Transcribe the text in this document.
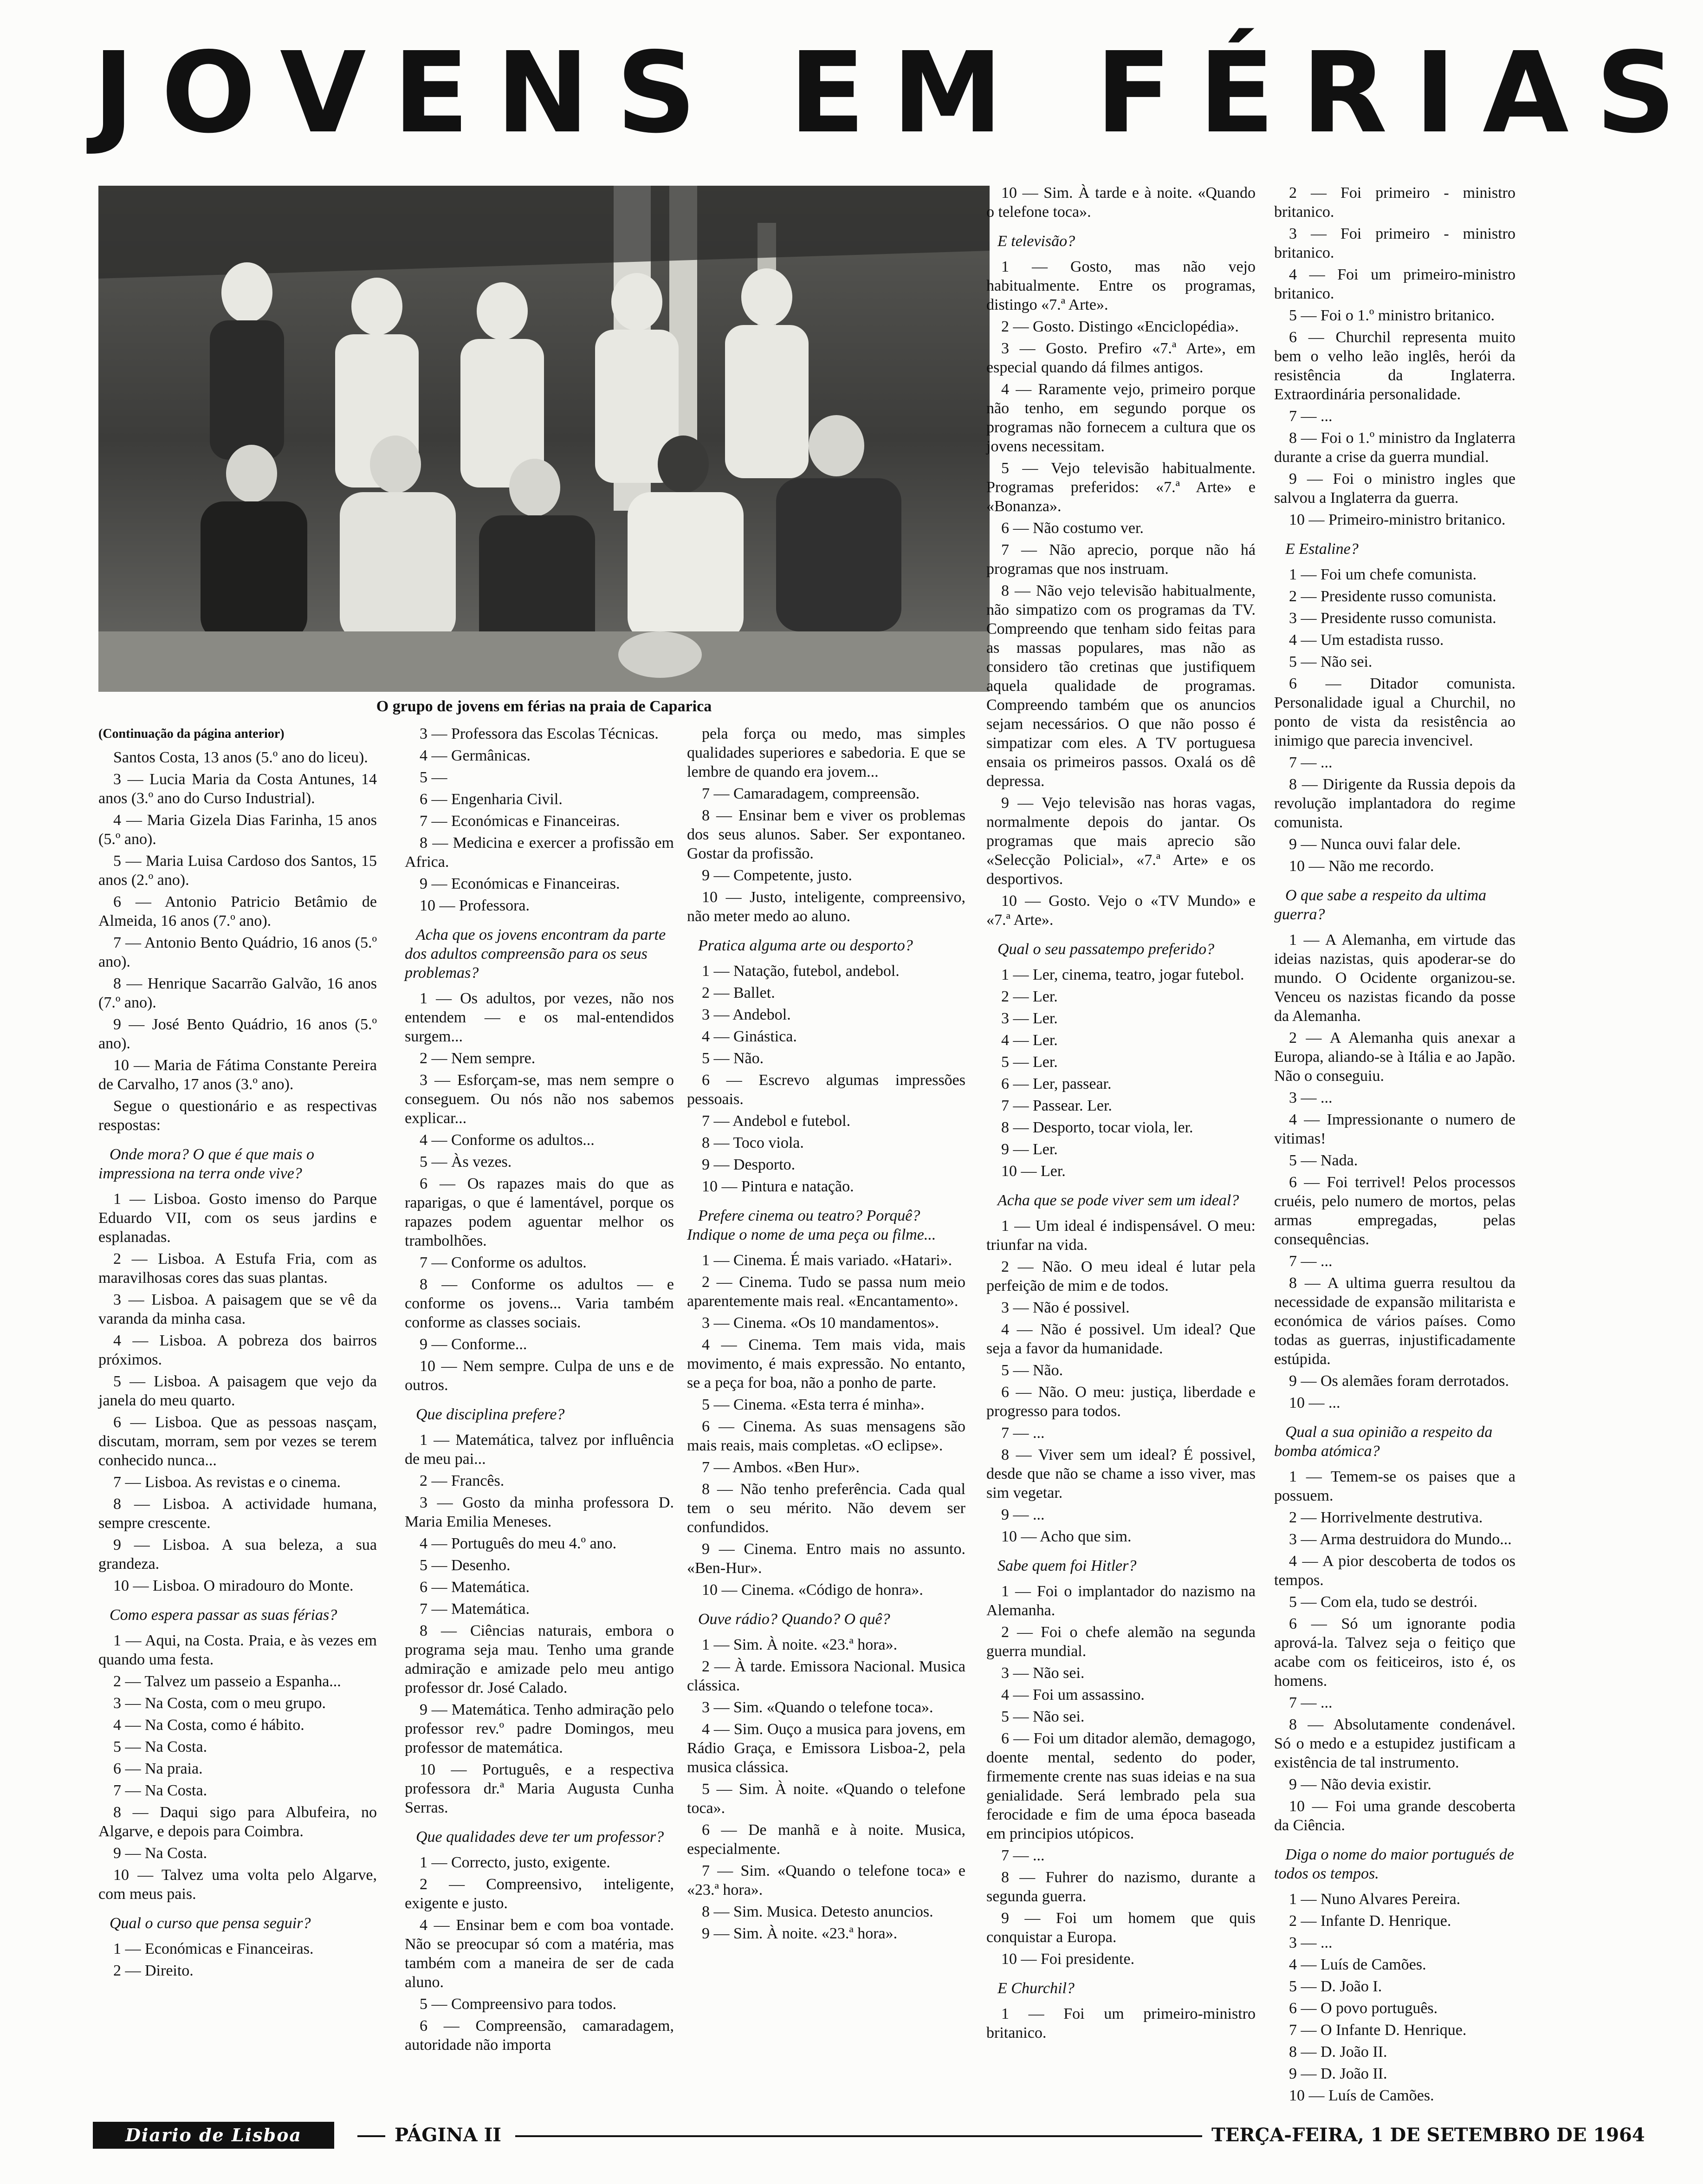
JOVENS EM FÉRIAS
O grupo de jovens em férias na praia de Caparica

(Continuação da página anterior)

Santos Costa, 13 anos (5.º ano do liceu).

3 — Lucia Maria da Costa Antunes, 14 anos (3.º ano do Curso Industrial).

4 — Maria Gizela Dias Farinha, 15 anos (5.º ano).

5 — Maria Luisa Cardoso dos Santos, 15 anos (2.º ano).

6 — Antonio Patricio Betâmio de Almeida, 16 anos (7.º ano).

7 — Antonio Bento Quádrio, 16 anos (5.º ano).

8 — Henrique Sacarrão Galvão, 16 anos (7.º ano).

9 — José Bento Quádrio, 16 anos (5.º ano).

10 — Maria de Fátima Constante Pereira de Carvalho, 17 anos (3.º ano).

Segue o questionário e as respectivas respostas:

Onde mora? O que é que mais o impressiona na terra onde vive?

1 — Lisboa. Gosto imenso do Parque Eduardo VII, com os seus jardins e esplanadas.

2 — Lisboa. A Estufa Fria, com as maravilhosas cores das suas plantas.

3 — Lisboa. A paisagem que se vê da varanda da minha casa.

4 — Lisboa. A pobreza dos bairros próximos.

5 — Lisboa. A paisagem que vejo da janela do meu quarto.

6 — Lisboa. Que as pessoas nasçam, discutam, morram, sem por vezes se terem conhecido nunca...

7 — Lisboa. As revistas e o cinema.

8 — Lisboa. A actividade humana, sempre crescente.

9 — Lisboa. A sua beleza, a sua grandeza.

10 — Lisboa. O miradouro do Monte.

Como espera passar as suas férias?

1 — Aqui, na Costa. Praia, e às vezes em quando uma festa.

2 — Talvez um passeio a Espanha...

3 — Na Costa, com o meu grupo.

4 — Na Costa, como é hábito.

5 — Na Costa.

6 — Na praia.

7 — Na Costa.

8 — Daqui sigo para Albufeira, no Algarve, e depois para Coimbra.

9 — Na Costa.

10 — Talvez uma volta pelo Algarve, com meus pais.

Qual o curso que pensa seguir?

1 — Económicas e Financeiras.

2 — Direito.

3 — Professora das Escolas Técnicas.

4 — Germânicas.

5 —

6 — Engenharia Civil.

7 — Económicas e Financeiras.

8 — Medicina e exercer a profissão em Africa.

9 — Económicas e Financeiras.

10 — Professora.

Acha que os jovens encontram da parte dos adultos compreensão para os seus problemas?

1 — Os adultos, por vezes, não nos entendem — e os mal-entendidos surgem...

2 — Nem sempre.

3 — Esforçam-se, mas nem sempre o conseguem. Ou nós não nos sabemos explicar...

4 — Conforme os adultos...

5 — Às vezes.

6 — Os rapazes mais do que as raparigas, o que é lamentável, porque os rapazes podem aguentar melhor os trambolhões.

7 — Conforme os adultos.

8 — Conforme os adultos — e conforme os jovens... Varia também conforme as classes sociais.

9 — Conforme...

10 — Nem sempre. Culpa de uns e de outros.

Que disciplina prefere?

1 — Matemática, talvez por influência de meu pai...

2 — Francês.

3 — Gosto da minha professora D. Maria Emilia Meneses.

4 — Português do meu 4.º ano.

5 — Desenho.

6 — Matemática.

7 — Matemática.

8 — Ciências naturais, embora o programa seja mau. Tenho uma grande admiração e amizade pelo meu antigo professor dr. José Calado.

9 — Matemática. Tenho admiração pelo professor rev.º padre Domingos, meu professor de matemática.

10 — Português, e a respectiva professora dr.ª Maria Augusta Cunha Serras.

Que qualidades deve ter um professor?

1 — Correcto, justo, exigente.

2 — Compreensivo, inteligente, exigente e justo.

4 — Ensinar bem e com boa vontade. Não se preocupar só com a matéria, mas também com a maneira de ser de cada aluno.

5 — Compreensivo para todos.

6 — Compreensão, camaradagem, autoridade não importa

pela força ou medo, mas simples qualidades superiores e sabedoria. E que se lembre de quando era jovem...

7 — Camaradagem, compreensão.

8 — Ensinar bem e viver os problemas dos seus alunos. Saber. Ser expontaneo. Gostar da profissão.

9 — Competente, justo.

10 — Justo, inteligente, compreensivo, não meter medo ao aluno.

Pratica alguma arte ou desporto?

1 — Natação, futebol, andebol.

2 — Ballet.

3 — Andebol.

4 — Ginástica.

5 — Não.

6 — Escrevo algumas impressões pessoais.

7 — Andebol e futebol.

8 — Toco viola.

9 — Desporto.

10 — Pintura e natação.

Prefere cinema ou teatro? Porquê? Indique o nome de uma peça ou filme...

1 — Cinema. É mais variado. «Hatari».

2 — Cinema. Tudo se passa num meio aparentemente mais real. «Encantamento».

3 — Cinema. «Os 10 mandamentos».

4 — Cinema. Tem mais vida, mais movimento, é mais expressão. No entanto, se a peça for boa, não a ponho de parte.

5 — Cinema. «Esta terra é minha».

6 — Cinema. As suas mensagens são mais reais, mais completas. «O eclipse».

7 — Ambos. «Ben Hur».

8 — Não tenho preferência. Cada qual tem o seu mérito. Não devem ser confundidos.

9 — Cinema. Entro mais no assunto. «Ben-Hur».

10 — Cinema. «Código de honra».

Ouve rádio? Quando? O quê?

1 — Sim. À noite. «23.ª hora».

2 — À tarde. Emissora Nacional. Musica clássica.

3 — Sim. «Quando o telefone toca».

4 — Sim. Ouço a musica para jovens, em Rádio Graça, e Emissora Lisboa-2, pela musica clássica.

5 — Sim. À noite. «Quando o telefone toca».

6 — De manhã e à noite. Musica, especialmente.

7 — Sim. «Quando o telefone toca» e «23.ª hora».

8 — Sim. Musica. Detesto anuncios.

9 — Sim. À noite. «23.ª hora».

10 — Sim. À tarde e à noite. «Quando o telefone toca».

E televisão?

1 — Gosto, mas não vejo habitualmente. Entre os programas, distingo «7.ª Arte».

2 — Gosto. Distingo «Enciclopédia».

3 — Gosto. Prefiro «7.ª Arte», em especial quando dá filmes antigos.

4 — Raramente vejo, primeiro porque não tenho, em segundo porque os programas não fornecem a cultura que os jovens necessitam.

5 — Vejo televisão habitualmente. Programas preferidos: «7.ª Arte» e «Bonanza».

6 — Não costumo ver.

7 — Não aprecio, porque não há programas que nos instruam.

8 — Não vejo televisão habitualmente, não simpatizo com os programas da TV. Compreendo que tenham sido feitas para as massas populares, mas não as considero tão cretinas que justifiquem aquela qualidade de programas. Compreendo também que os anuncios sejam necessários. O que não posso é simpatizar com eles. A TV portuguesa ensaia os primeiros passos. Oxalá os dê depressa.

9 — Vejo televisão nas horas vagas, normalmente depois do jantar. Os programas que mais aprecio são «Selecção Policial», «7.ª Arte» e os desportivos.

10 — Gosto. Vejo o «TV Mundo» e «7.ª Arte».

Qual o seu passatempo preferido?

1 — Ler, cinema, teatro, jogar futebol.

2 — Ler.

3 — Ler.

4 — Ler.

5 — Ler.

6 — Ler, passear.

7 — Passear. Ler.

8 — Desporto, tocar viola, ler.

9 — Ler.

10 — Ler.

Acha que se pode viver sem um ideal?

1 — Um ideal é indispensável. O meu: triunfar na vida.

2 — Não. O meu ideal é lutar pela perfeição de mim e de todos.

3 — Não é possivel.

4 — Não é possivel. Um ideal? Que seja a favor da humanidade.

5 — Não.

6 — Não. O meu: justiça, liberdade e progresso para todos.

7 — ...

8 — Viver sem um ideal? É possivel, desde que não se chame a isso viver, mas sim vegetar.

9 — ...

10 — Acho que sim.

Sabe quem foi Hitler?

1 — Foi o implantador do nazismo na Alemanha.

2 — Foi o chefe alemão na segunda guerra mundial.

3 — Não sei.

4 — Foi um assassino.

5 — Não sei.

6 — Foi um ditador alemão, demagogo, doente mental, sedento do poder, firmemente crente nas suas ideias e na sua genialidade. Será lembrado pela sua ferocidade e fim de uma época baseada em principios utópicos.

7 — ...

8 — Fuhrer do nazismo, durante a segunda guerra.

9 — Foi um homem que quis conquistar a Europa.

10 — Foi presidente.

E Churchil?

1 — Foi um primeiro-ministro britanico.

2 — Foi primeiro - ministro britanico.

3 — Foi primeiro - ministro britanico.

4 — Foi um primeiro-ministro britanico.

5 — Foi o 1.º ministro britanico.

6 — Churchil representa muito bem o velho leão inglês, herói da resistência da Inglaterra. Extraordinária personalidade.

7 — ...

8 — Foi o 1.º ministro da Inglaterra durante a crise da guerra mundial.

9 — Foi o ministro ingles que salvou a Inglaterra da guerra.

10 — Primeiro-ministro britanico.

E Estaline?

1 — Foi um chefe comunista.

2 — Presidente russo comunista.

3 — Presidente russo comunista.

4 — Um estadista russo.

5 — Não sei.

6 — Ditador comunista. Personalidade igual a Churchil, no ponto de vista da resistência ao inimigo que parecia invencivel.

7 — ...

8 — Dirigente da Russia depois da revolução implantadora do regime comunista.

9 — Nunca ouvi falar dele.

10 — Não me recordo.

O que sabe a respeito da ultima guerra?

1 — A Alemanha, em virtude das ideias nazistas, quis apoderar-se do mundo. O Ocidente organizou-se. Venceu os nazistas ficando da posse da Alemanha.

2 — A Alemanha quis anexar a Europa, aliando-se à Itália e ao Japão. Não o conseguiu.

3 — ...

4 — Impressionante o numero de vitimas!

5 — Nada.

6 — Foi terrivel! Pelos processos cruéis, pelo numero de mortos, pelas armas empregadas, pelas consequências.

7 — ...

8 — A ultima guerra resultou da necessidade de expansão militarista e económica de vários países. Como todas as guerras, injustificadamente estúpida.

9 — Os alemães foram derrotados.

10 — ...

Qual a sua opinião a respeito da bomba atómica?

1 — Temem-se os paises que a possuem.

2 — Horrivelmente destrutiva.

3 — Arma destruidora do Mundo...

4 — A pior descoberta de todos os tempos.

5 — Com ela, tudo se destrói.

6 — Só um ignorante podia aprová-la. Talvez seja o feitiço que acabe com os feiticeiros, isto é, os homens.

7 — ...

8 — Absolutamente condenável. Só o medo e a estupidez justificam a existência de tal instrumento.

9 — Não devia existir.

10 — Foi uma grande descoberta da Ciência.

Diga o nome do maior portugués de todos os tempos.

1 — Nuno Alvares Pereira.

2 — Infante D. Henrique.

3 — ...

4 — Luís de Camões.

5 — D. João I.

6 — O povo português.

7 — O Infante D. Henrique.

8 — D. João II.

9 — D. João II.

10 — Luís de Camões.

Diario de Lisboa	PÁGINA II	TERÇA-FEIRA, 1 DE SETEMBRO DE 1964
